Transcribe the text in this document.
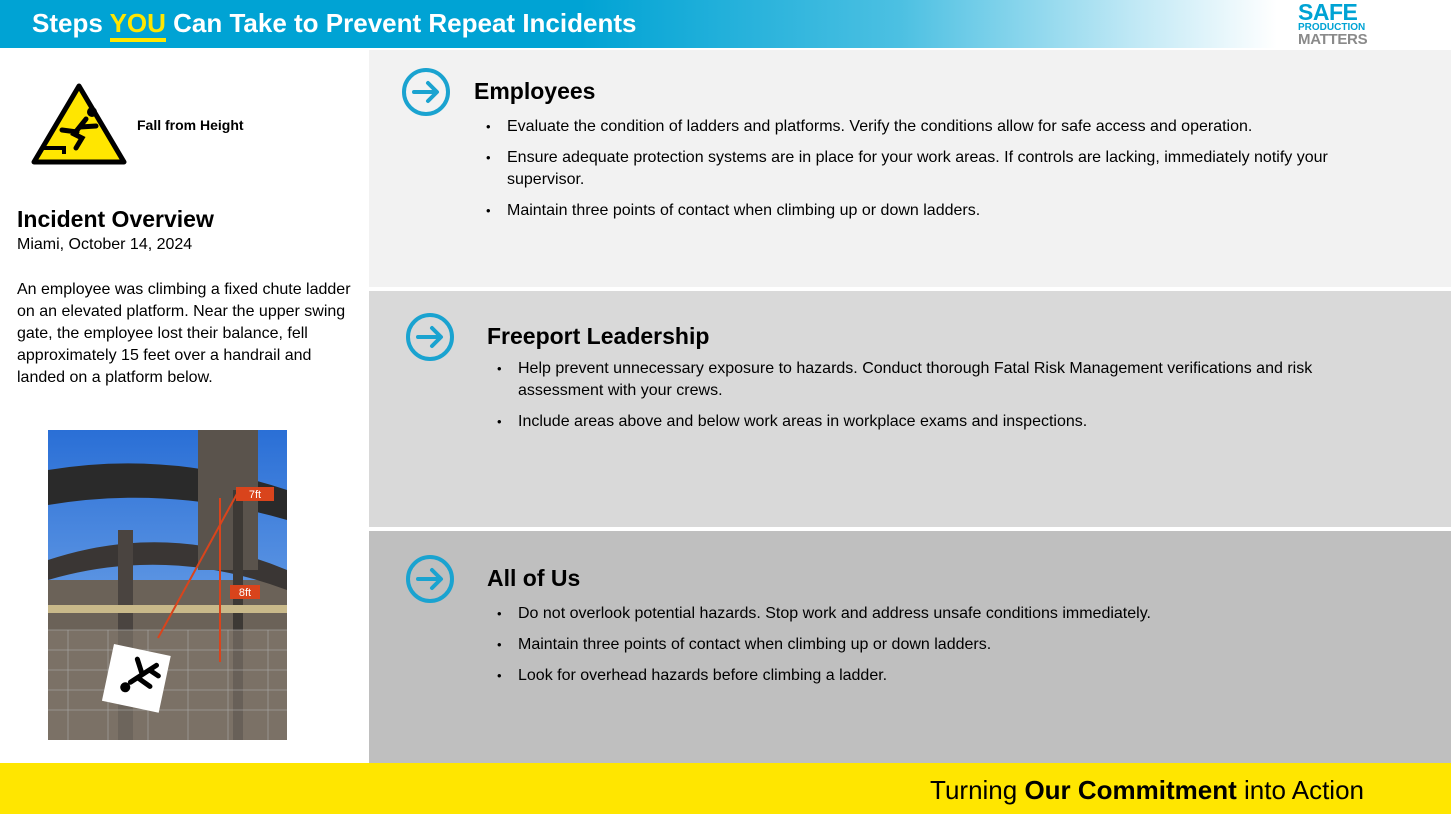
Steps YOU Can Take to Prevent Repeat Incidents	SAFE
PRODUCTION
MATTERS
Fall from Height
Incident Overview
Miami, October 14, 2024
An employee was climbing a fixed chute ladder on an elevated platform. Near the upper swing gate, the employee lost their balance, fell approximately 15 feet over a handrail and landed on a platform below.
7ft
8ft
Employees
• Evaluate the condition of ladders and platforms. Verify the conditions allow for safe access and operation.
• Ensure adequate protection systems are in place for your work areas. If controls are lacking, immediately notify your supervisor.
• Maintain three points of contact when climbing up or down ladders.
Freeport Leadership
• Help prevent unnecessary exposure to hazards. Conduct thorough Fatal Risk Management verifications and risk assessment with your crews.
• Include areas above and below work areas in workplace exams and inspections.
All of Us
• Do not overlook potential hazards. Stop work and address unsafe conditions immediately.
• Maintain three points of contact when climbing up or down ladders.
• Look for overhead hazards before climbing a ladder.
Turning Our Commitment into Action
